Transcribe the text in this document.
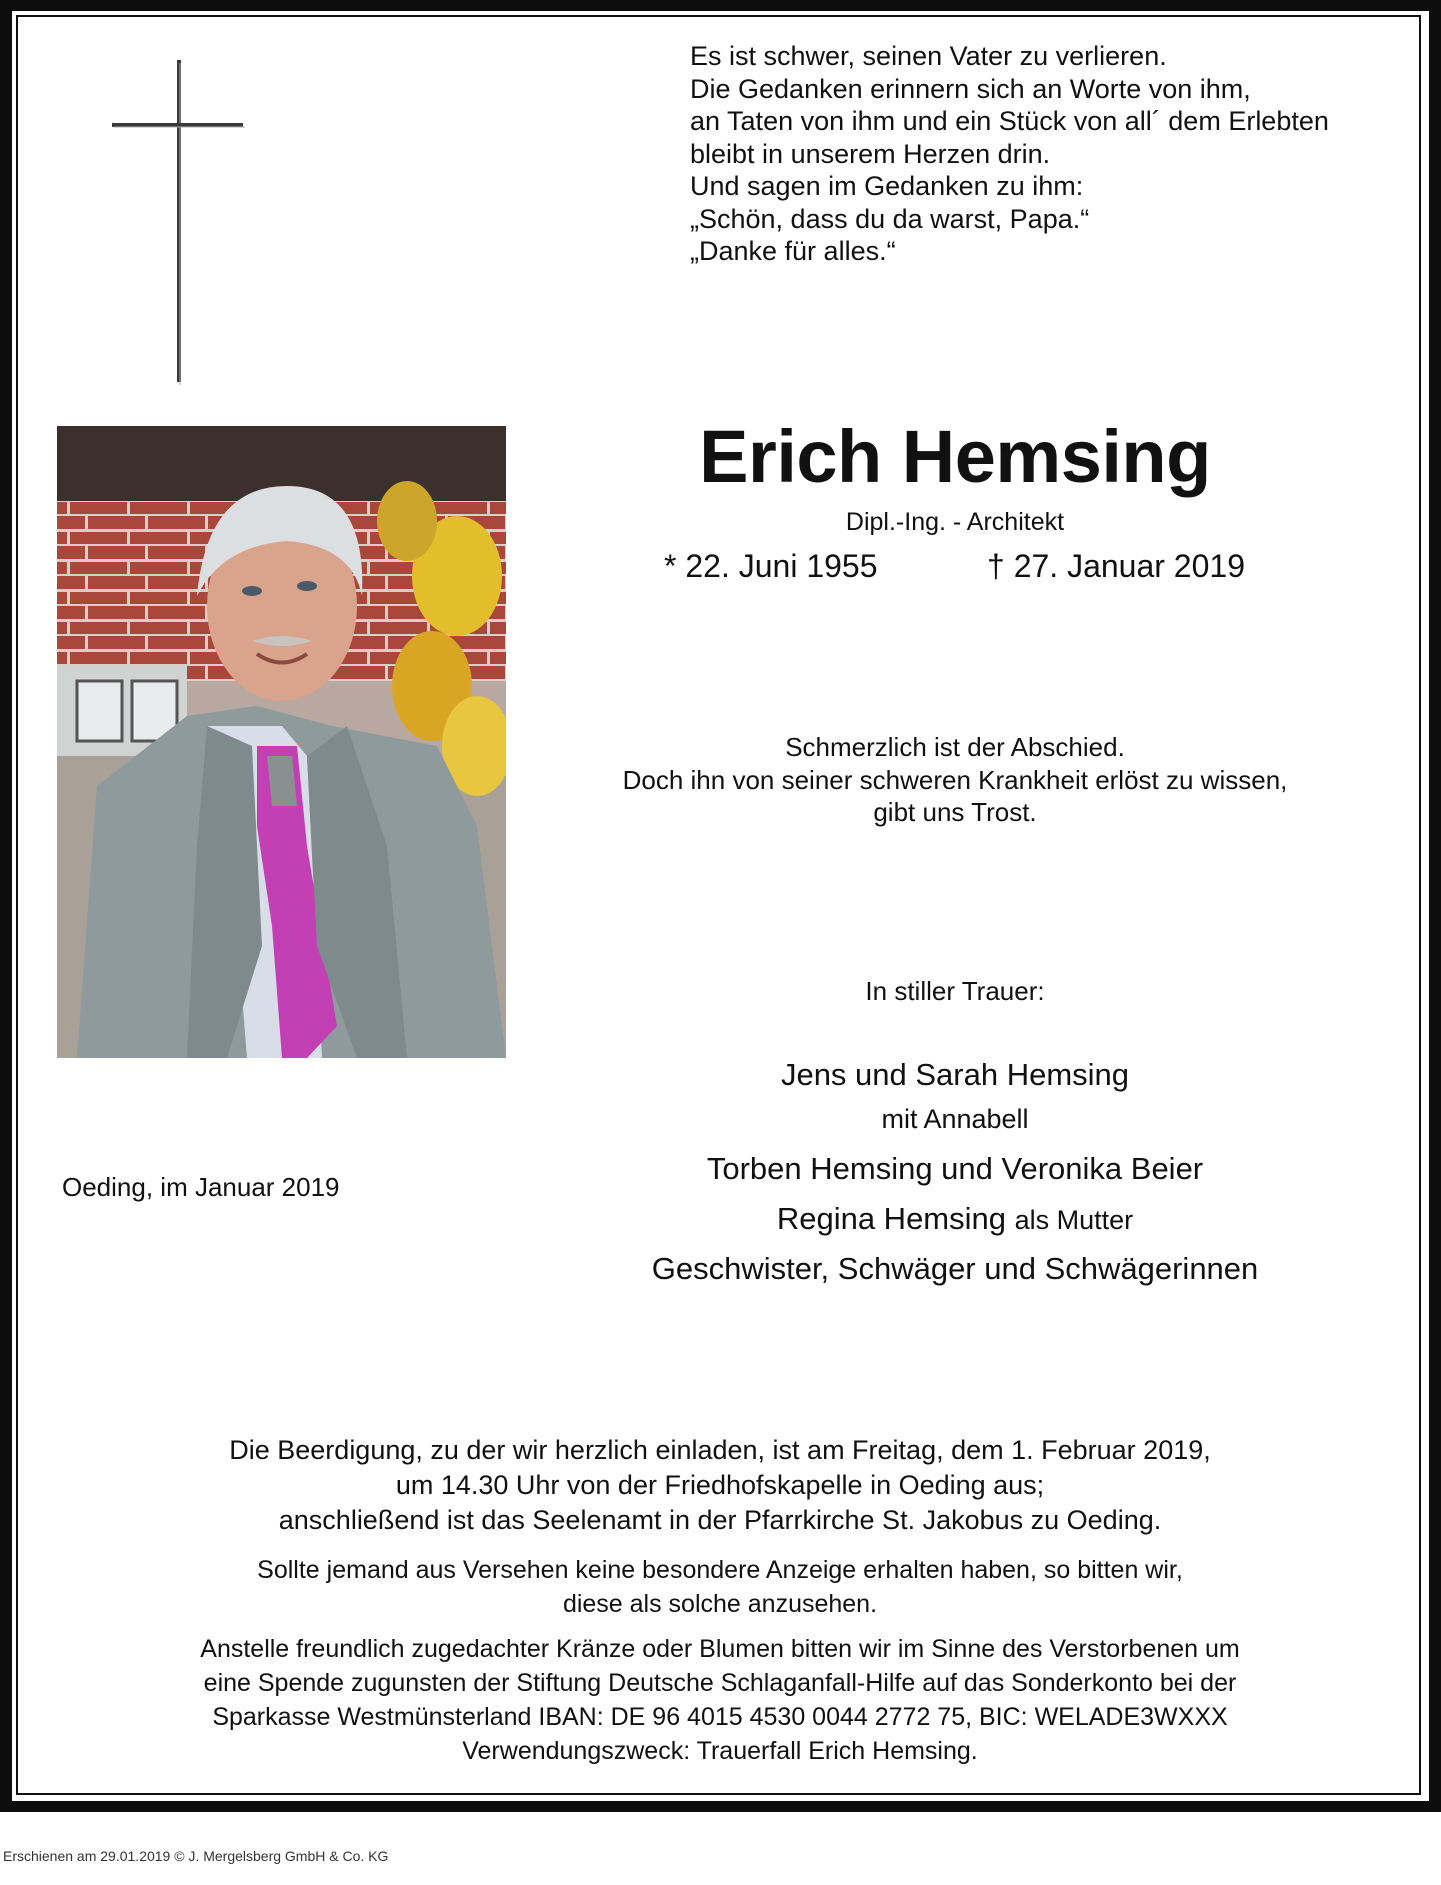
Es ist schwer, seinen Vater zu verlieren.
Die Gedanken erinnern sich an Worte von ihm,
an Taten von ihm und ein Stück von all´ dem Erlebten
bleibt in unserem Herzen drin.
Und sagen im Gedanken zu ihm:
„Schön, dass du da warst, Papa.“
„Danke für alles.“
Erich Hemsing
Dipl.-Ing. - Architekt
* 22. Juni 1955	† 27. Januar 2019
Schmerzlich ist der Abschied.
Doch ihn von seiner schweren Krankheit erlöst zu wissen,
gibt uns Trost.
In stiller Trauer:
Jens und Sarah Hemsing
mit Annabell
Torben Hemsing und Veronika Beier
Regina Hemsing als Mutter
Geschwister, Schwäger und Schwägerinnen
Oeding, im Januar 2019
Die Beerdigung, zu der wir herzlich einladen, ist am Freitag, dem 1. Februar 2019,
um 14.30 Uhr von der Friedhofskapelle in Oeding aus;
anschließend ist das Seelenamt in der Pfarrkirche St. Jakobus zu Oeding.
Sollte jemand aus Versehen keine besondere Anzeige erhalten haben, so bitten wir,
diese als solche anzusehen.
Anstelle freundlich zugedachter Kränze oder Blumen bitten wir im Sinne des Verstorbenen um
eine Spende zugunsten der Stiftung Deutsche Schlaganfall-Hilfe auf das Sonderkonto bei der
Sparkasse Westmünsterland IBAN: DE 96 4015 4530 0044 2772 75, BIC: WELADE3WXXX
Verwendungszweck: Trauerfall Erich Hemsing.
Erschienen am 29.01.2019 © J. Mergelsberg GmbH & Co. KG
